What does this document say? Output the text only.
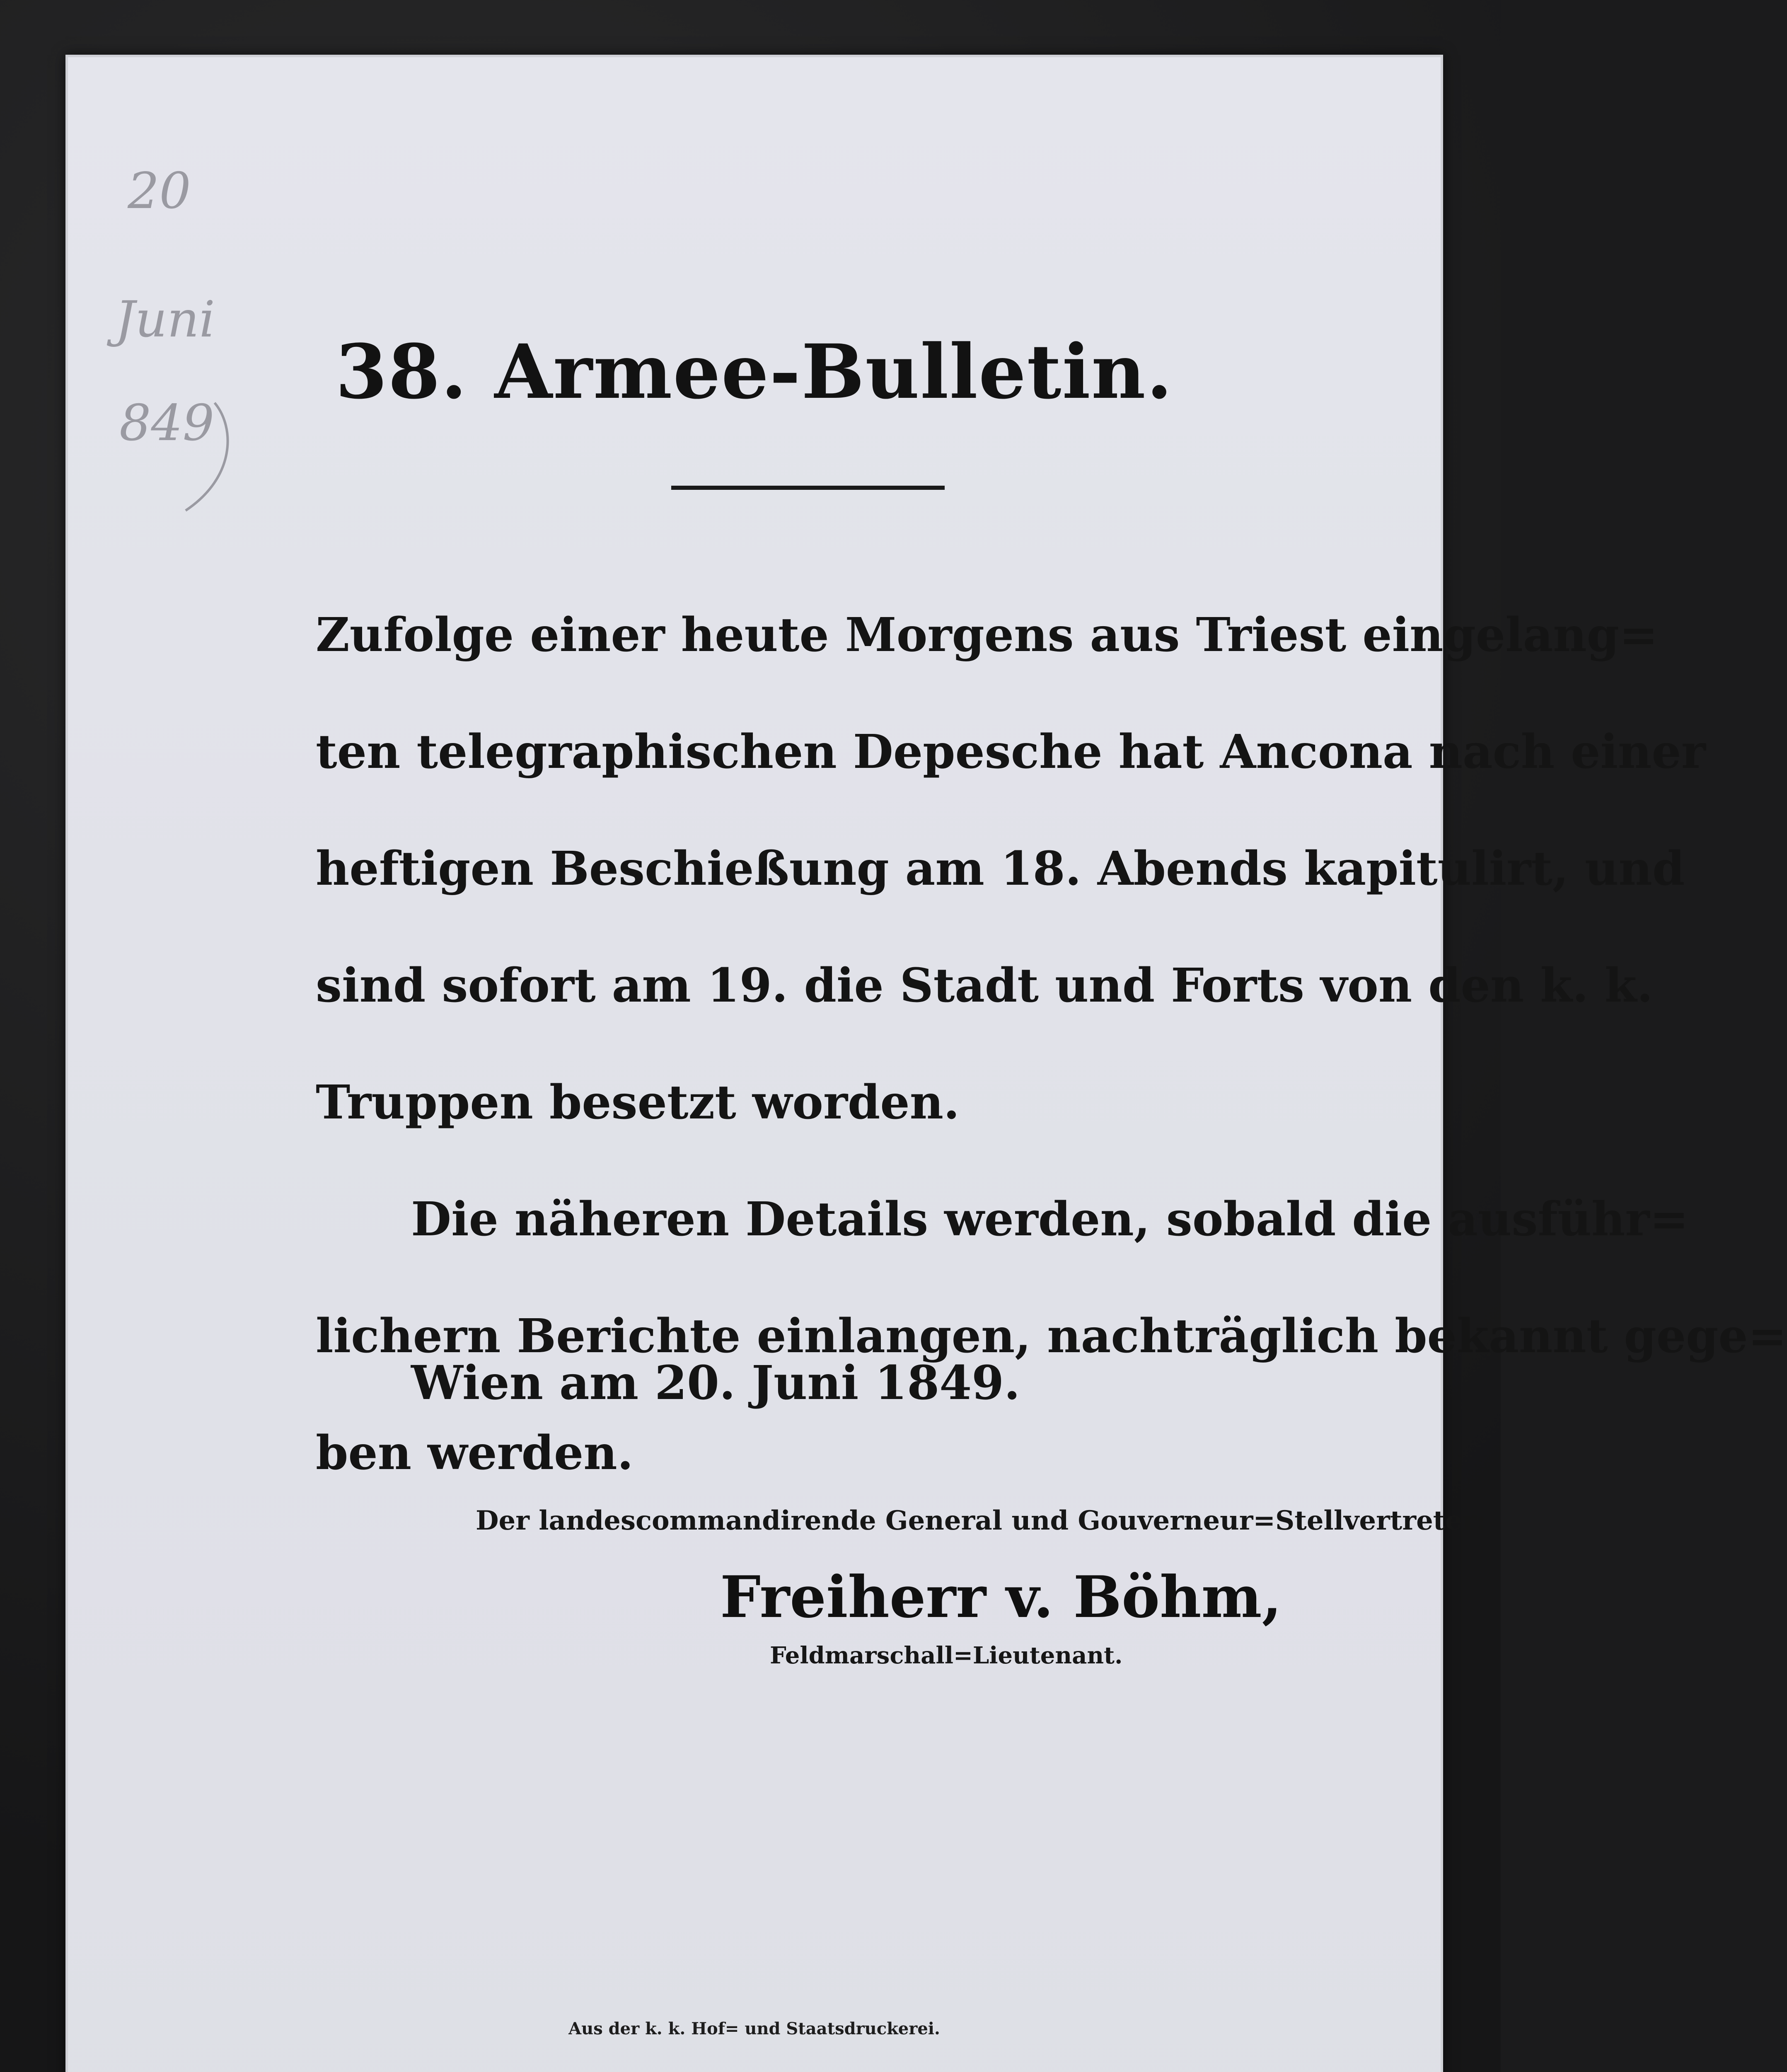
20
Juni
849
38. Armee-Bulletin.
Zufolge einer heute Morgens aus Triest eingelang=
ten telegraphischen Depesche hat Ancona nach einer
heftigen Beschießung am 18. Abends kapitulirt, und
sind sofort am 19. die Stadt und Forts von den k. k.
Truppen besetzt worden.
Die näheren Details werden, sobald die ausführ=
lichern Berichte einlangen, nachträglich bekannt gege=
ben werden.
Wien am 20. Juni 1849.
Der landescommandirende General und Gouverneur=Stellvertreter:
Freiherr v. Böhm,
Feldmarschall=Lieutenant.
Aus der k. k. Hof= und Staatsdruckerei.
